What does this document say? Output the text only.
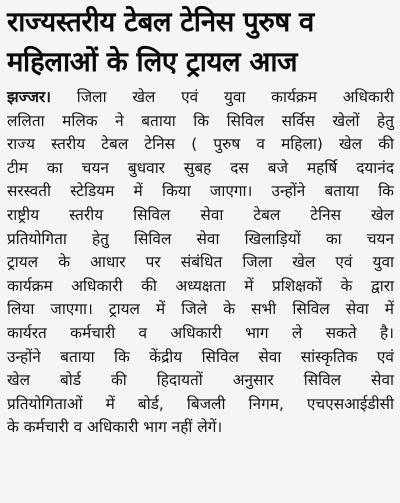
राज्यस्तरीय टेबल टेनिस पुरुष व
महिलाओं के लिए ट्रायल आज
झज्जर। जिला खेल एवं युवा कार्यक्रम अधिकारी
ललिता मलिक ने बताया कि सिविल सर्विस खेलों हेतु
राज्य स्तरीय टेबल टेनिस ( पुरुष व महिला) खेल की
टीम का चयन बुधवार सुबह दस बजे महर्षि दयानंद
सरस्वती स्टेडियम में किया जाएगा। उन्होंने बताया कि
राष्ट्रीय स्तरीय सिविल सेवा टेबल टेनिस खेल
प्रतियोगिता हेतु सिविल सेवा खिलाड़ियों का चयन
ट्रायल के आधार पर संबंधित जिला खेल एवं युवा
कार्यक्रम अधिकारी की अध्यक्षता में प्रशिक्षकों के द्वारा
लिया जाएगा। ट्रायल में जिले के सभी सिविल सेवा में
कार्यरत कर्मचारी व अधिकारी भाग ले सकते है।
उन्होंने बताया कि केंद्रीय सिविल सेवा सांस्कृतिक एवं
खेल बोर्ड की हिदायतों अनुसार सिविल सेवा
प्रतियोगिताओं में बोर्ड, बिजली निगम, एचएसआईडीसी
के कर्मचारी व अधिकारी भाग नहीं लेगें।
